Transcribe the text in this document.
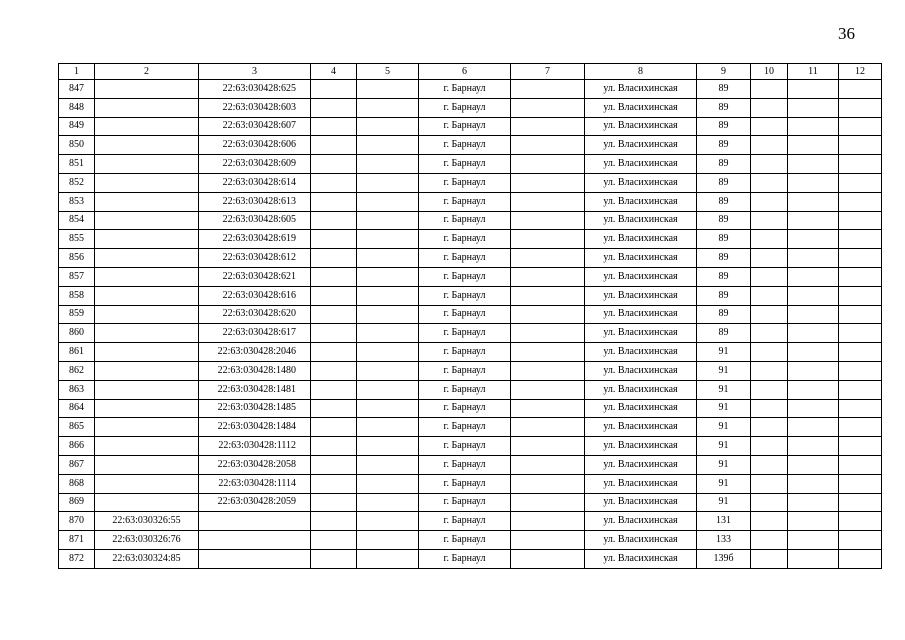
36
1	2	3	4	5	6	7	8	9	10	11	12
847		22:63:030428:625			г. Барнаул		ул. Власихинская	89			
848		22:63:030428:603			г. Барнаул		ул. Власихинская	89			
849		22:63:030428:607			г. Барнаул		ул. Власихинская	89			
850		22:63:030428:606			г. Барнаул		ул. Власихинская	89			
851		22:63:030428:609			г. Барнаул		ул. Власихинская	89			
852		22:63:030428:614			г. Барнаул		ул. Власихинская	89			
853		22:63:030428:613			г. Барнаул		ул. Власихинская	89			
854		22:63:030428:605			г. Барнаул		ул. Власихинская	89			
855		22:63:030428:619			г. Барнаул		ул. Власихинская	89			
856		22:63:030428:612			г. Барнаул		ул. Власихинская	89			
857		22:63:030428:621			г. Барнаул		ул. Власихинская	89			
858		22:63:030428:616			г. Барнаул		ул. Власихинская	89			
859		22:63:030428:620			г. Барнаул		ул. Власихинская	89			
860		22:63:030428:617			г. Барнаул		ул. Власихинская	89			
861		22:63:030428:2046			г. Барнаул		ул. Власихинская	91			
862		22:63:030428:1480			г. Барнаул		ул. Власихинская	91			
863		22:63:030428:1481			г. Барнаул		ул. Власихинская	91			
864		22:63:030428:1485			г. Барнаул		ул. Власихинская	91			
865		22:63:030428:1484			г. Барнаул		ул. Власихинская	91			
866		22:63:030428:1112			г. Барнаул		ул. Власихинская	91			
867		22:63:030428:2058			г. Барнаул		ул. Власихинская	91			
868		22:63:030428:1114			г. Барнаул		ул. Власихинская	91			
869		22:63:030428:2059			г. Барнаул		ул. Власихинская	91			
870	22:63:030326:55				г. Барнаул		ул. Власихинская	131			
871	22:63:030326:76				г. Барнаул		ул. Власихинская	133			
872	22:63:030324:85				г. Барнаул		ул. Власихинская	139б			
